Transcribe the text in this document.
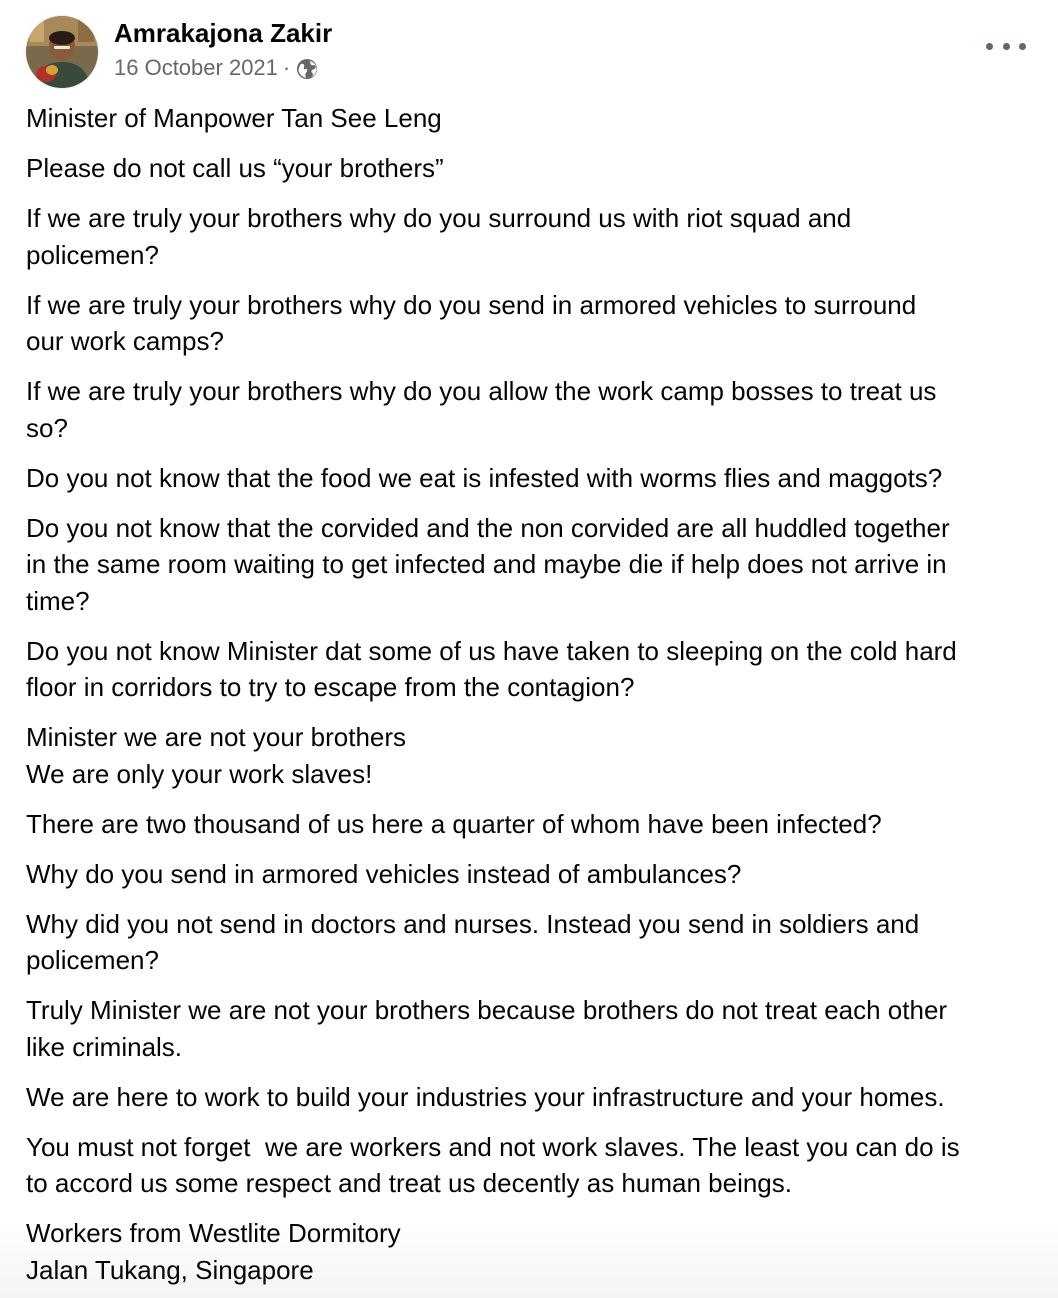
Amrakajona Zakir
16 October 2021 ·

Minister of Manpower Tan See Leng

Please do not call us “your brothers”

If we are truly your brothers why do you surround us with riot squad and
policemen?

If we are truly your brothers why do you send in armored vehicles to surround
our work camps?

If we are truly your brothers why do you allow the work camp bosses to treat us
so?

Do you not know that the food we eat is infested with worms flies and maggots?

Do you not know that the corvided and the non corvided are all huddled together
in the same room waiting to get infected and maybe die if help does not arrive in
time?

Do you not know Minister dat some of us have taken to sleeping on the cold hard
floor in corridors to try to escape from the contagion?

Minister we are not your brothers
We are only your work slaves!

There are two thousand of us here a quarter of whom have been infected?

Why do you send in armored vehicles instead of ambulances?

Why did you not send in doctors and nurses. Instead you send in soldiers and
policemen?

Truly Minister we are not your brothers because brothers do not treat each other
like criminals.

We are here to work to build your industries your infrastructure and your homes.

You must not forget  we are workers and not work slaves. The least you can do is
to accord us some respect and treat us decently as human beings.

Workers from Westlite Dormitory
Jalan Tukang, Singapore
